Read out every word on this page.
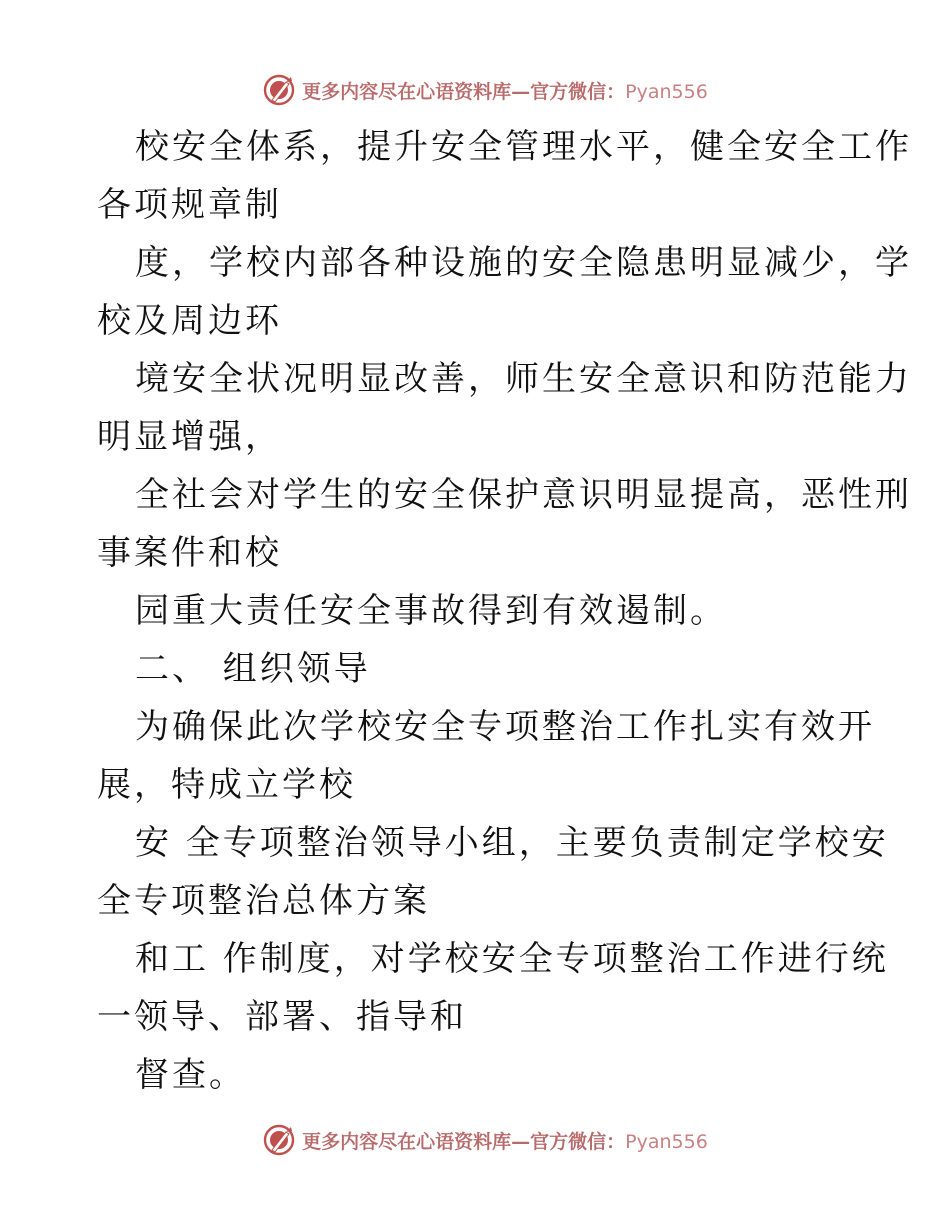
更多内容尽在心语资料库—官方微信：Pyan556
校安全体系，提升安全管理水平，健全安全工作
各项规章制
度，学校内部各种设施的安全隐患明显减少，学
校及周边环
境安全状况明显改善，师生安全意识和防范能力
明显增强，
全社会对学生的安全保护意识明显提高，恶性刑
事案件和校
园重大责任安全事故得到有效遏制。
二、 组织领导
为确保此次学校安全专项整治工作扎实有效开
展，特成立学校
安 全专项整治领导小组，主要负责制定学校安
全专项整治总体方案
和工 作制度，对学校安全专项整治工作进行统
一领导、部署、指导和
督查。
更多内容尽在心语资料库—官方微信：Pyan556
